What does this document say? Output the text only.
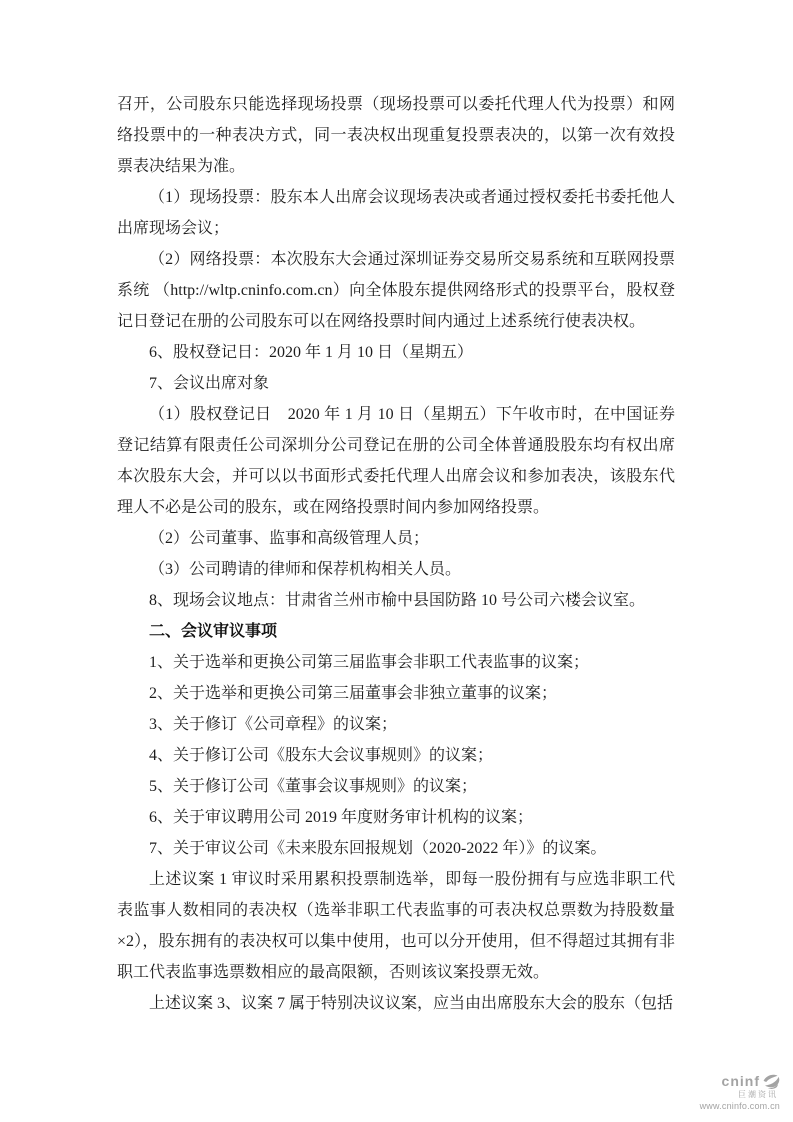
召开，公司股东只能选择现场投票（现场投票可以委托代理人代为投票）和网络投票中的一种表决方式，同一表决权出现重复投票表决的，以第一次有效投票表决结果为准。

（1）现场投票：股东本人出席会议现场表决或者通过授权委托书委托他人出席现场会议；

（2）网络投票：本次股东大会通过深圳证券交易所交易系统和互联网投票系统 （http://wltp.cninfo.com.cn）向全体股东提供网络形式的投票平台，股权登记日登记在册的公司股东可以在网络投票时间内通过上述系统行使表决权。

6、股权登记日：2020 年 1 月 10 日（星期五）

7、会议出席对象

（1）股权登记日　2020 年 1 月 10 日（星期五）下午收市时，在中国证券登记结算有限责任公司深圳分公司登记在册的公司全体普通股股东均有权出席本次股东大会，并可以以书面形式委托代理人出席会议和参加表决，该股东代理人不必是公司的股东，或在网络投票时间内参加网络投票。

（2）公司董事、监事和高级管理人员；

（3）公司聘请的律师和保荐机构相关人员。

8、现场会议地点：甘肃省兰州市榆中县国防路 10 号公司六楼会议室。

二、会议审议事项

1、关于选举和更换公司第三届监事会非职工代表监事的议案；

2、关于选举和更换公司第三届董事会非独立董事的议案；

3、关于修订《公司章程》的议案；

4、关于修订公司《股东大会议事规则》的议案；

5、关于修订公司《董事会议事规则》的议案；

6、关于审议聘用公司 2019 年度财务审计机构的议案；

7、关于审议公司《未来股东回报规划（2020-2022 年）》的议案。

上述议案 1 审议时采用累积投票制选举，即每一股份拥有与应选非职工代表监事人数相同的表决权（选举非职工代表监事的可表决权总票数为持股数量×2），股东拥有的表决权可以集中使用，也可以分开使用，但不得超过其拥有非职工代表监事选票数相应的最高限额，否则该议案投票无效。

上述议案 3、议案 7 属于特别决议议案，应当由出席股东大会的股东（包括

cninf
巨潮资讯
www.cninfo.com.cn
